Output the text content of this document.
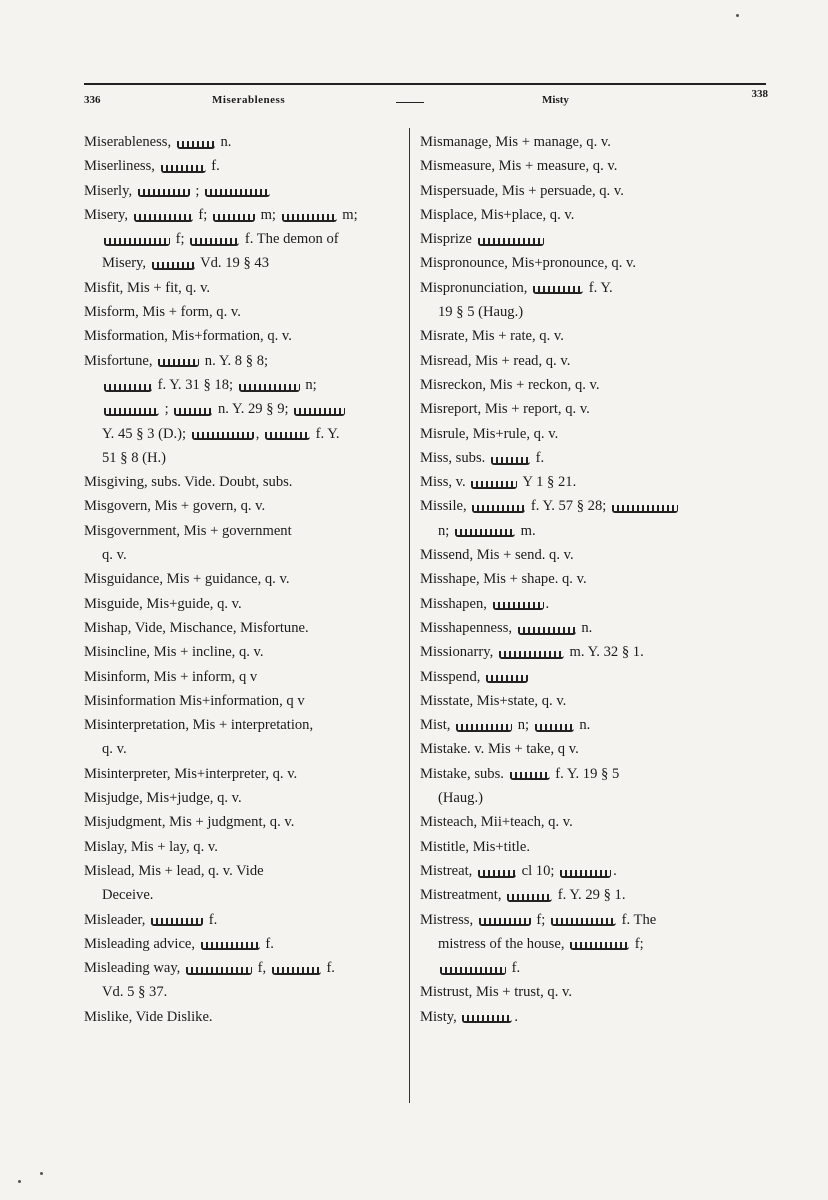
336	Miserableness	Misty	338
Miserableness,	n.
Miserliness,	f.
Miserly,	;
Misery,	f;	m;	m;
f;	f. The demon of
Misery,	Vd. 19 § 43
Misfit, Mis + fit, q. v.
Misform, Mis + form, q. v.
Misformation, Mis+formation, q. v.
Misfortune,	n. Y. 8 § 8;
f. Y. 31 § 18;	n;
;	n. Y. 29 § 9;
Y. 45 § 3 (D.);	,	f. Y.
51 § 8 (H.)
Misgiving, subs. Vide. Doubt, subs.
Misgovern, Mis + govern, q. v.
Misgovernment, Mis + government
q. v.
Misguidance, Mis + guidance, q. v.
Misguide, Mis+guide, q. v.
Mishap, Vide, Mischance, Misfortune.
Misincline, Mis + incline, q. v.
Misinform, Mis + inform, q v
Misinformation Mis+information, q v
Misinterpretation, Mis + interpretation,
q. v.
Misinterpreter, Mis+interpreter, q. v.
Misjudge, Mis+judge, q. v.
Misjudgment, Mis + judgment, q. v.
Mislay, Mis + lay, q. v.
Mislead, Mis + lead, q. v. Vide
Deceive.
Misleader,	f.
Misleading advice,	f.
Misleading way,	f,	f.
Vd. 5 § 37.
Mislike, Vide Dislike.
Mismanage, Mis + manage, q. v.
Mismeasure, Mis + measure, q. v.
Mispersuade, Mis + persuade, q. v.
Misplace, Mis+place, q. v.
Misprize
Mispronounce, Mis+pronounce, q. v.
Mispronunciation,	f. Y.
19 § 5 (Haug.)
Misrate, Mis + rate, q. v.
Misread, Mis + read, q. v.
Misreckon, Mis + reckon, q. v.
Misreport, Mis + report, q. v.
Misrule, Mis+rule, q. v.
Miss, subs.	f.
Miss, v.	Y 1 § 21.
Missile,	f. Y. 57 § 28;
n;	m.
Missend, Mis + send. q. v.
Misshape, Mis + shape. q. v.
Misshapen,	.
Misshapenness,	n.
Missionarry,	m. Y. 32 § 1.
Misspend,
Misstate, Mis+state, q. v.
Mist,	n;	n.
Mistake. v. Mis + take, q v.
Mistake, subs.	f. Y. 19 § 5
(Haug.)
Misteach, Mii+teach, q. v.
Mistitle, Mis+title.
Mistreat,	cl 10;	.
Mistreatment,	f. Y. 29 § 1.
Mistress,	f;	f. The
mistress of the house,	f;
f.
Mistrust, Mis + trust, q. v.
Misty,	.
